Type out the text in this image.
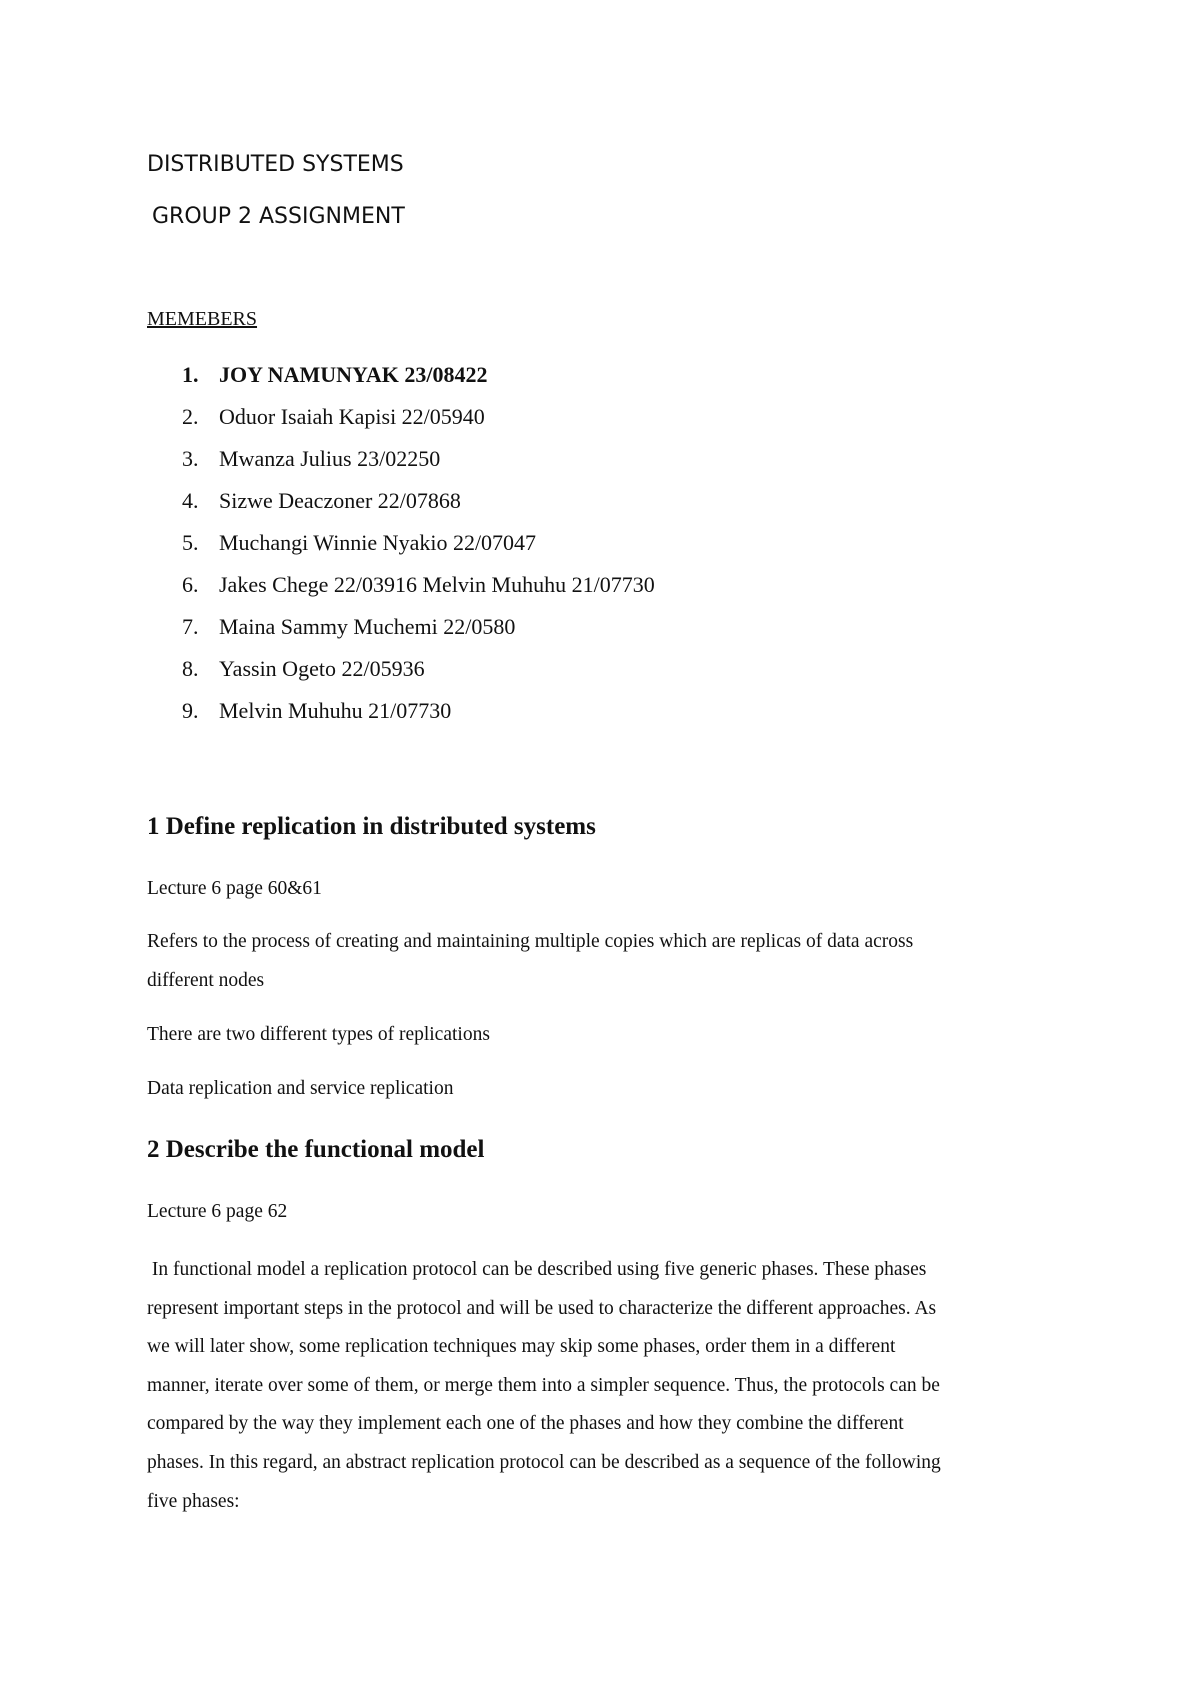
DISTRIBUTED SYSTEMS
GROUP 2 ASSIGNMENT
MEMEBERS
1. JOY NAMUNYAK 23/08422
2. Oduor Isaiah Kapisi 22/05940
3. Mwanza Julius 23/02250
4. Sizwe Deaczoner 22/07868
5. Muchangi Winnie Nyakio 22/07047
6. Jakes Chege 22/03916 Melvin Muhuhu 21/07730
7. Maina Sammy Muchemi 22/0580
8. Yassin Ogeto 22/05936
9. Melvin Muhuhu 21/07730
1 Define replication in distributed systems
Lecture 6 page 60&61
Refers to the process of creating and maintaining multiple copies which are replicas of data across
different nodes
There are two different types of replications
Data replication and service replication
2 Describe the functional model
Lecture 6 page 62
In functional model a replication protocol can be described using five generic phases. These phases
represent important steps in the protocol and will be used to characterize the different approaches. As
we will later show, some replication techniques may skip some phases, order them in a different
manner, iterate over some of them, or merge them into a simpler sequence. Thus, the protocols can be
compared by the way they implement each one of the phases and how they combine the different
phases. In this regard, an abstract replication protocol can be described as a sequence of the following
five phases:
